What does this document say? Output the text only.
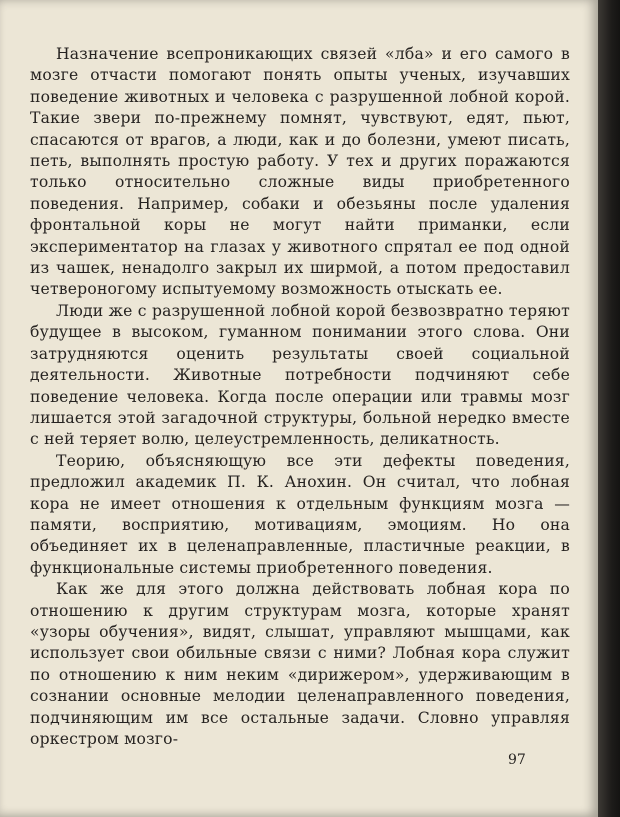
Назначение всепроникающих связей «лба» и его самого в мозге отчасти помогают понять опыты ученых, изучавших поведение животных и человека с разрушенной лобной корой. Такие звери по-прежнему помнят, чувствуют, едят, пьют, спасаются от врагов, а люди, как и до болезни, умеют писать, петь, выполнять простую работу. У тех и других поражаются только относительно сложные виды приобретенного поведения. Например, собаки и обезьяны после удаления фронтальной коры не могут найти приманки, если экспериментатор на глазах у животного спрятал ее под одной из чашек, ненадолго закрыл их ширмой, а потом предоставил четвероногому испытуемому возможность отыскать ее.

Люди же с разрушенной лобной корой безвозвратно теряют будущее в высоком, гуманном понимании этого слова. Они затрудняются оценить результаты своей социальной деятельности. Животные потребности подчиняют себе поведение человека. Когда после операции или травмы мозг лишается этой загадочной структуры, больной нередко вместе с ней теряет волю, целеустремленность, деликатность.

Теорию, объясняющую все эти дефекты поведения, предложил академик П. К. Анохин. Он считал, что лобная кора не имеет отношения к отдельным функциям мозга — памяти, восприятию, мотивациям, эмоциям. Но она объединяет их в целенаправленные, пластичные реакции, в функциональные системы приобретенного поведения.

Как же для этого должна действовать лобная кора по отношению к другим структурам мозга, которые хранят «узоры обучения», видят, слышат, управляют мышцами, как использует свои обильные связи с ними? Лобная кора служит по отношению к ним неким «дирижером», удерживающим в сознании основные мелодии целенаправленного поведения, подчиняющим им все остальные задачи. Словно управляя оркестром мозго-

97
